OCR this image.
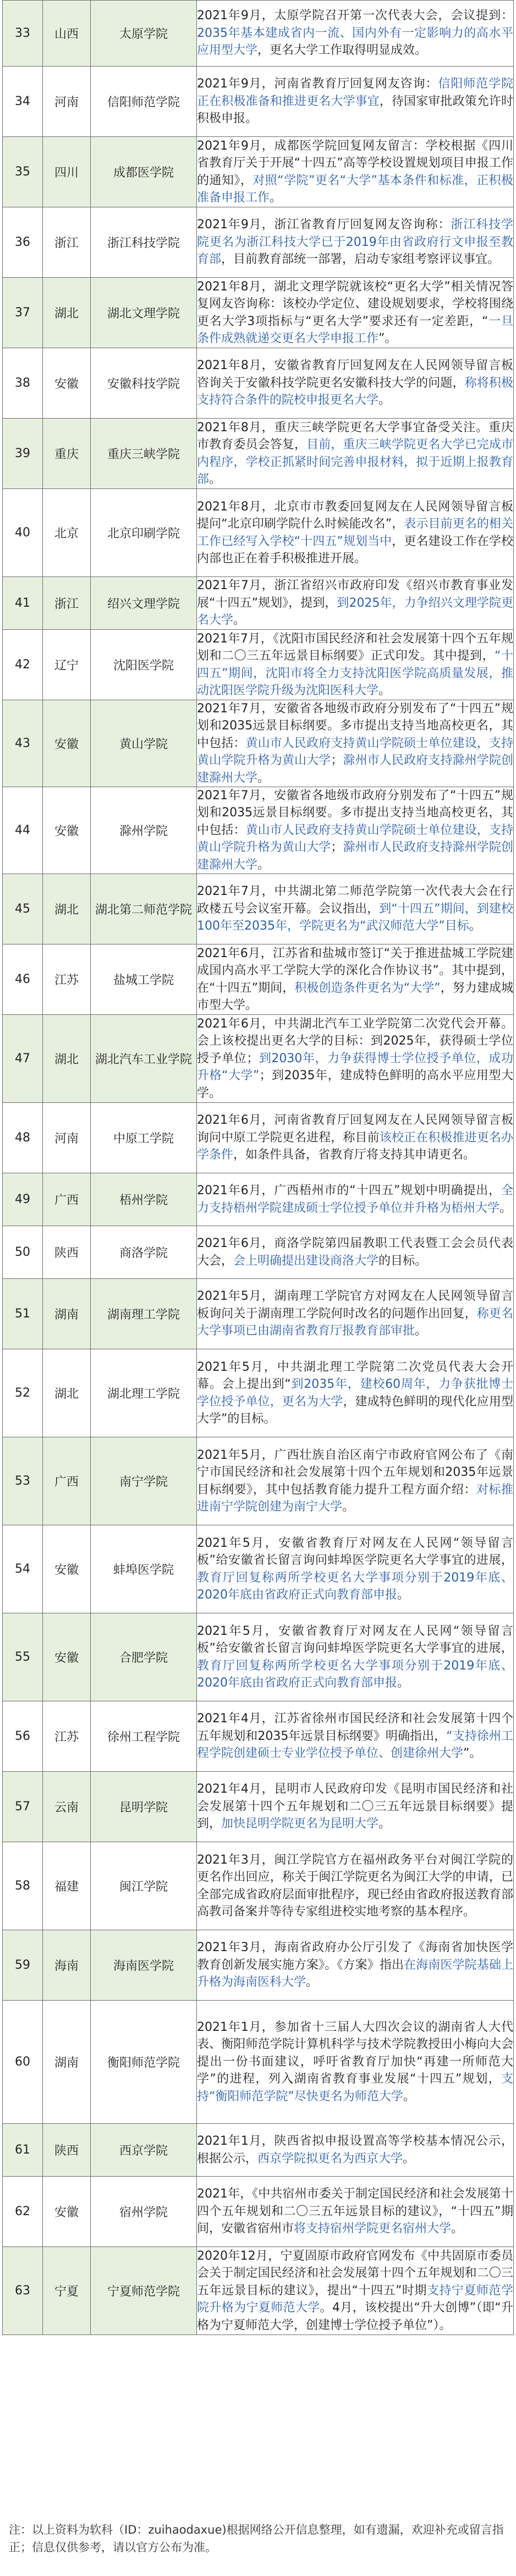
33	山西	太原学院	2021年9月，太原学院召开第一次代表大会，会议提到：2035年基本建成省内一流、国内外有一定影响力的高水平应用型大学，更名大学工作取得明显成效。
34	河南	信阳师范学院	2021年9月，河南省教育厅回复网友咨询：信阳师范学院正在积极准备和推进更名大学事宜，待国家审批政策允许时积极申报。
35	四川	成都医学院	2021年9月，成都医学院回复网友留言：学校根据《四川省教育厅关于开展“十四五”高等学校设置规划项目申报工作的通知》，对照“学院”更名“大学”基本条件和标准，正积极准备申报工作。
36	浙江	浙江科技学院	2021年9月，浙江省教育厅回复网友咨询称：浙江科技学院更名为浙江科技大学已于2019年由省政府行文申报至教育部，目前教育部统一部署，启动专家组考察评议事宜。
37	湖北	湖北文理学院	2021年8月，湖北文理学院就该校“更名大学”相关情况答复网友咨询称：该校办学定位、建设规划要求，学校将围绕更名大学3项指标与“更名大学”要求还有一定差距，“一旦条件成熟就递交更名大学申报工作”。
38	安徽	安徽科技学院	2021年8月，安徽省教育厅回复网友在人民网领导留言板咨询关于安徽科技学院更名安徽科技大学的问题，称将积极支持符合条件的院校申报更名大学。
39	重庆	重庆三峡学院	2021年8月，重庆三峡学院更名大学事宜备受关注。重庆市教育委员会答复，目前，重庆三峡学院更名大学已完成市内程序，学校正抓紧时间完善申报材料，拟于近期上报教育部。
40	北京	北京印刷学院	2021年8月，北京市市教委回复网友在人民网领导留言板提问“北京印刷学院什么时候能改名”，表示目前更名的相关工作已经写入学校“十四五”规划当中，更名建设工作在学校内部也正在着手积极推进开展。
41	浙江	绍兴文理学院	2021年7月，浙江省绍兴市政府印发《绍兴市教育事业发展“十四五”规划》，提到，到2025年，力争绍兴文理学院更名大学。
42	辽宁	沈阳医学院	2021年7月，《沈阳市国民经济和社会发展第十四个五年规划和二〇三五年远景目标纲要》正式印发。其中提到，“十四五”期间，沈阳市将全力支持沈阳医学院高质量发展，推动沈阳医学院升级为沈阳医科大学。
43	安徽	黄山学院	2021年7月，安徽省各地级市政府分别发布了“十四五”规划和2035远景目标纲要。多市提出支持当地高校更名，其中包括：黄山市人民政府支持黄山学院硕士单位建设，支持黄山学院升格为黄山大学；滁州市人民政府支持滁州学院创建滁州大学。
44	安徽	滁州学院	2021年7月，安徽省各地级市政府分别发布了“十四五”规划和2035远景目标纲要。多市提出支持当地高校更名，其中包括：黄山市人民政府支持黄山学院硕士单位建设，支持黄山学院升格为黄山大学；滁州市人民政府支持滁州学院创建滁州大学。
45	湖北	湖北第二师范学院	2021年7月，中共湖北第二师范学院第一次代表大会在行政楼五号会议室开幕。会议指出，到“十四五”期间，到建校100年至2035年，学院更名为“武汉师范大学”目标。
46	江苏	盐城工学院	2021年6月，江苏省和盐城市签订“关于推进盐城工学院建成国内高水平工学院大学的深化合作协议书”。其中提到，在“十四五”期间，积极创造条件更名为“大学”，努力建成城市型大学。
47	湖北	湖北汽车工业学院	2021年6月，中共湖北汽车工业学院第二次党代会开幕。会上该校提出更名大学的目标：到2025年，获得硕士学位授予单位；到2030年，力争获得博士学位授予单位，成功升格“大学”；到2035年，建成特色鲜明的高水平应用型大学。
48	河南	中原工学院	2021年6月，河南省教育厅回复网友在人民网领导留言板询问中原工学院更名进程，称目前该校正在积极推进更名办学条件，如条件具备，省教育厅将支持其申请更名。
49	广西	梧州学院	2021年6月，广西梧州市的“十四五”规划中明确提出，全力支持梧州学院建成硕士学位授予单位并升格为梧州大学。
50	陕西	商洛学院	2021年6月，商洛学院第四届教职工代表暨工会会员代表大会，会上明确提出建设商洛大学的目标。
51	湖南	湖南理工学院	2021年5月，湖南理工学院官方对网友在人民网领导留言板询问关于湖南理工学院何时改名的问题作出回复，称更名大学事项已由湖南省教育厅报教育部审批。
52	湖北	湖北理工学院	2021年5月，中共湖北理工学院第二次党员代表大会开幕。会上提出到“到2035年，建校60周年，力争获批博士学位授予单位，更名为大学，建成特色鲜明的现代化应用型大学”的目标。
53	广西	南宁学院	2021年5月，广西壮族自治区南宁市政府官网公布了《南宁市国民经济和社会发展第十四个五年规划和2035年远景目标纲要》，其中包括教育能力提升工程方面介绍：对标推进南宁学院创建为南宁大学。
54	安徽	蚌埠医学院	2021年5月，安徽省教育厅对网友在人民网“领导留言板”给安徽省长留言询问蚌埠医学院更名大学事宜的进展，教育厅回复称两所学校更名大学事项分别于2019年底、2020年底由省政府正式向教育部申报。
55	安徽	合肥学院	2021年5月，安徽省教育厅对网友在人民网“领导留言板”给安徽省长留言询问蚌埠医学院更名大学事宜的进展，教育厅回复称两所学校更名大学事项分别于2019年底、2020年底由省政府正式向教育部申报。
56	江苏	徐州工程学院	2021年4月，江苏省徐州市国民经济和社会发展第十四个五年规划和2035年远景目标纲要》明确指出，“支持徐州工程学院创建硕士专业学位授予单位、创建徐州大学”。
57	云南	昆明学院	2021年4月，昆明市人民政府印发《昆明市国民经济和社会发展第十四个五年规划和二〇三五年远景目标纲要》提到，加快昆明学院更名为昆明大学。
58	福建	闽江学院	2021年3月，闽江学院官方在福州政务平台对闽江学院的更名作出回应，称关于闽江学院更名为闽江大学的申请，已全部完成省政府层面审批程序，现已经由省政府报送教育部高教司备案并等待专家组进校实地考察的基本程序。
59	海南	海南医学院	2021年3月，海南省政府办公厅引发了《海南省加快医学教育创新发展实施方案》。《方案》指出在海南医学院基础上升格为海南医科大学。
60	湖南	衡阳师范学院	2021年1月，参加省十三届人大四次会议的湖南省人大代表、衡阳师范学院计算机科学与技术学院教授田小梅向大会提出一份书面建议，呼吁省教育厅加快“再建一所师范大学”的进程，列入湖南省教育事业发展“十四五”规划，支持“衡阳师范学院”尽快更名为师范大学。
61	陕西	西京学院	2021年1月，陕西省拟申报设置高等学校基本情况公示，根据公示，西京学院拟更名为西京大学。
62	安徽	宿州学院	2021年，《中共宿州市委关于制定国民经济和社会发展第十四个五年规划和二〇三五年远景目标的建议》，“十四五”期间，安徽省宿州市将支持宿州学院更名宿州大学。
63	宁夏	宁夏师范学院	2020年12月，宁夏固原市政府官网发布《中共固原市委员会关于制定国民经济和社会发展第十四个五年规划和二〇三五年远景目标的建议》，提出“十四五”时期支持宁夏师范学院升格为宁夏师范大学。4月，该校提出“升大创博”（即“升格为宁夏师范大学，创建博士学位授予单位”）。
注：以上资料为软科（ID：zuihaodaxue)根据网络公开信息整理，如有遗漏，欢迎补充或留言指正；信息仅供参考，请以官方公布为准。
